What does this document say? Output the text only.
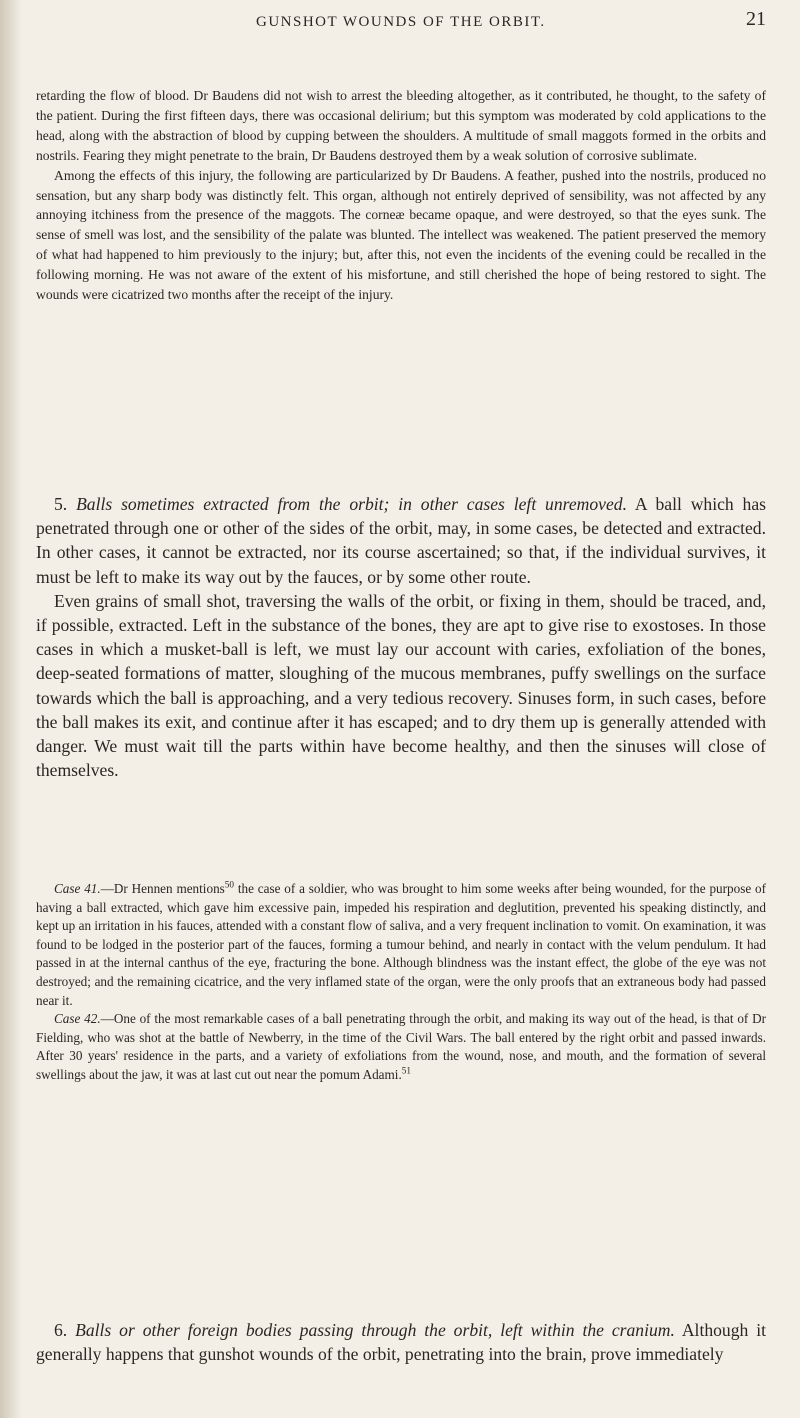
GUNSHOT WOUNDS OF THE ORBIT.	21

retarding the flow of blood. Dr Baudens did not wish to arrest the bleeding altogether, as it contributed, he thought, to the safety of the patient. During the first fifteen days, there was occasional delirium; but this symptom was moderated by cold applications to the head, along with the abstraction of blood by cupping between the shoulders. A multitude of small maggots formed in the orbits and nostrils. Fearing they might penetrate to the brain, Dr Baudens destroyed them by a weak solution of corrosive sublimate.

Among the effects of this injury, the following are particularized by Dr Baudens. A feather, pushed into the nostrils, produced no sensation, but any sharp body was distinctly felt. This organ, although not entirely deprived of sensibility, was not affected by any annoying itchiness from the presence of the maggots. The corneæ became opaque, and were destroyed, so that the eyes sunk. The sense of smell was lost, and the sensibility of the palate was blunted. The intellect was weakened. The patient preserved the memory of what had happened to him previously to the injury; but, after this, not even the incidents of the evening could be recalled in the following morning. He was not aware of the extent of his misfortune, and still cherished the hope of being restored to sight. The wounds were cicatrized two months after the receipt of the injury.

5. Balls sometimes extracted from the orbit; in other cases left unremoved. A ball which has penetrated through one or other of the sides of the orbit, may, in some cases, be detected and extracted. In other cases, it cannot be extracted, nor its course ascertained; so that, if the individual survives, it must be left to make its way out by the fauces, or by some other route.

Even grains of small shot, traversing the walls of the orbit, or fixing in them, should be traced, and, if possible, extracted. Left in the substance of the bones, they are apt to give rise to exostoses. In those cases in which a musket-ball is left, we must lay our account with caries, exfoliation of the bones, deep-seated formations of matter, sloughing of the mucous membranes, puffy swellings on the surface towards which the ball is approaching, and a very tedious recovery. Sinuses form, in such cases, before the ball makes its exit, and continue after it has escaped; and to dry them up is generally attended with danger. We must wait till the parts within have become healthy, and then the sinuses will close of themselves.

Case 41.—Dr Hennen mentions$^{50}$ the case of a soldier, who was brought to him some weeks after being wounded, for the purpose of having a ball extracted, which gave him excessive pain, impeded his respiration and deglutition, prevented his speaking distinctly, and kept up an irritation in his fauces, attended with a constant flow of saliva, and a very frequent inclination to vomit. On examination, it was found to be lodged in the posterior part of the fauces, forming a tumour behind, and nearly in contact with the velum pendulum. It had passed in at the internal canthus of the eye, fracturing the bone. Although blindness was the instant effect, the globe of the eye was not destroyed; and the remaining cicatrice, and the very inflamed state of the organ, were the only proofs that an extraneous body had passed near it.

Case 42.—One of the most remarkable cases of a ball penetrating through the orbit, and making its way out of the head, is that of Dr Fielding, who was shot at the battle of Newberry, in the time of the Civil Wars. The ball entered by the right orbit and passed inwards. After 30 years' residence in the parts, and a variety of exfoliations from the wound, nose, and mouth, and the formation of several swellings about the jaw, it was at last cut out near the pomum Adami.$^{51}$

6. Balls or other foreign bodies passing through the orbit, left within the cranium. Although it generally happens that gunshot wounds of the orbit, penetrating into the brain, prove immediately
